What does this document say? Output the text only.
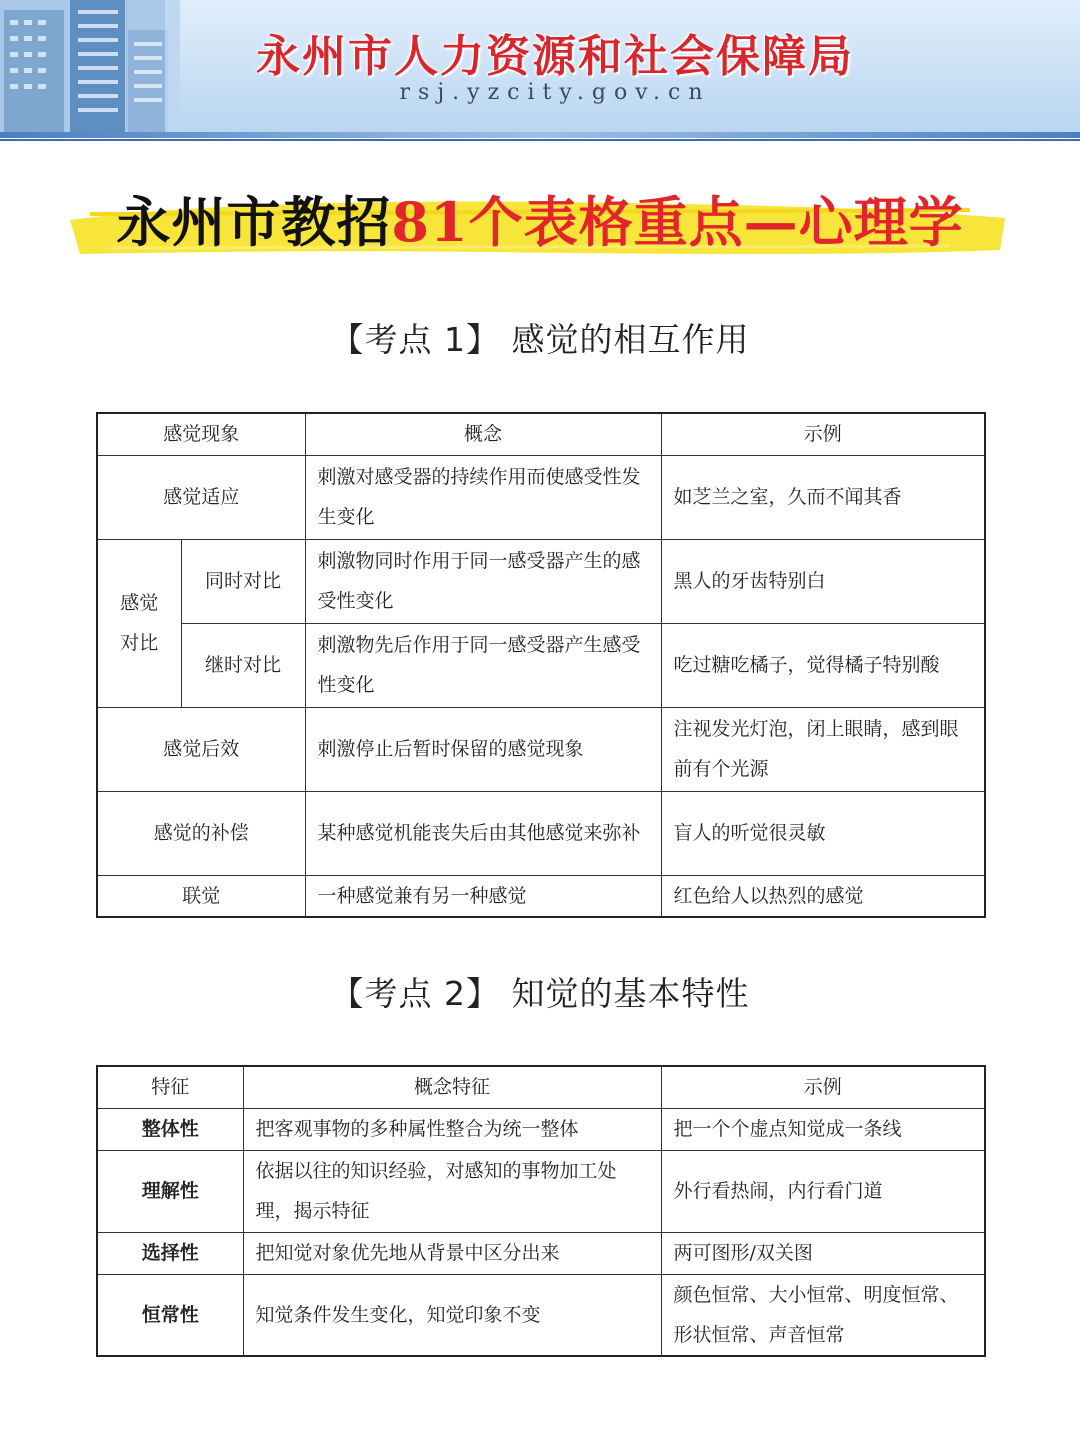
永州市人力资源和社会保障局
rsj.yzcity.gov.cn
永州市教招81个表格重点—心理学
【考点 1】 感觉的相互作用
感觉现象		概念	示例
感觉适应		刺激对感受器的持续作用而使感受性发生变化	如芝兰之室，久而不闻其香
感觉
对比	同时对比	刺激物同时作用于同一感受器产生的感受性变化	黑人的牙齿特别白
	继时对比	刺激物先后作用于同一感受器产生感受性变化	吃过糖吃橘子，觉得橘子特别酸
感觉后效		刺激停止后暂时保留的感觉现象	注视发光灯泡，闭上眼睛，感到眼前有个光源
感觉的补偿		某种感觉机能丧失后由其他感觉来弥补	盲人的听觉很灵敏
联觉		一种感觉兼有另一种感觉	红色给人以热烈的感觉
【考点 2】 知觉的基本特性
特征	概念特征	示例
整体性	把客观事物的多种属性整合为统一整体	把一个个虚点知觉成一条线
理解性	依据以往的知识经验，对感知的事物加工处理，揭示特征	外行看热闹，内行看门道
选择性	把知觉对象优先地从背景中区分出来	两可图形/双关图
恒常性	知觉条件发生变化，知觉印象不变	颜色恒常、大小恒常、明度恒常、形状恒常、声音恒常
